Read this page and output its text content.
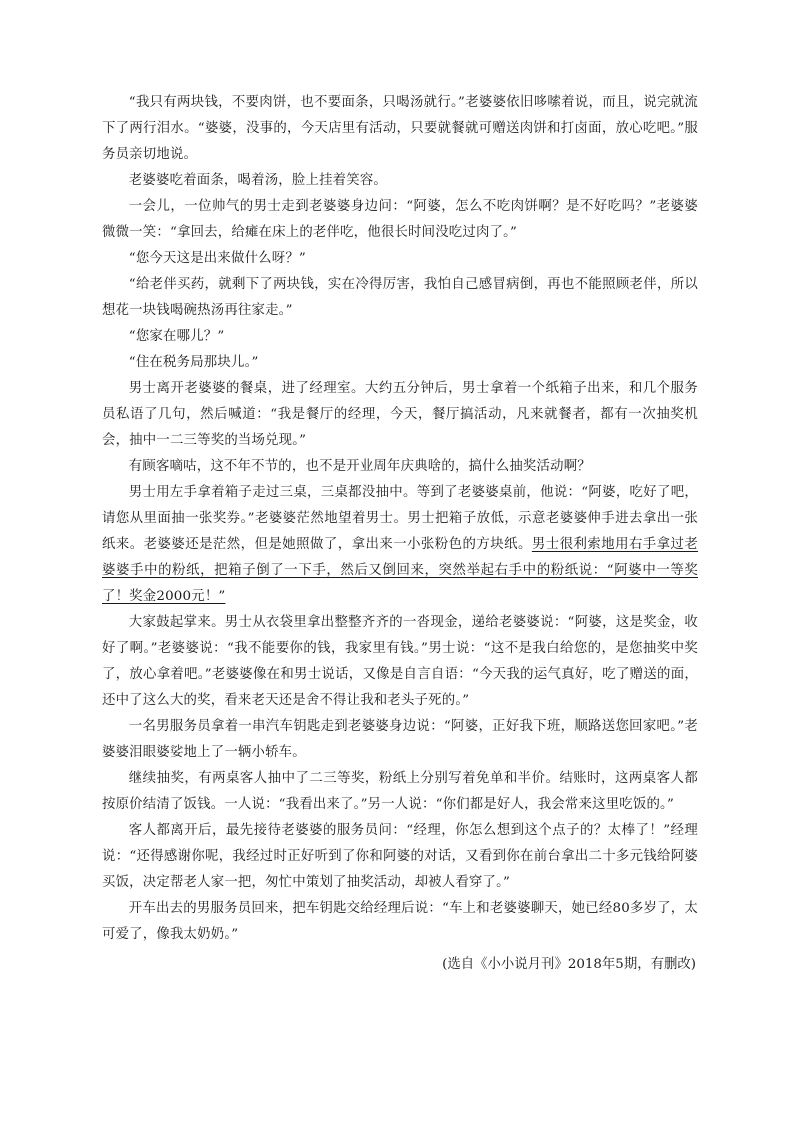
“我只有两块钱，不要肉饼，也不要面条，只喝汤就行。”老婆婆依旧哆嗦着说，而且，说完就流下了两行泪水。“婆婆，没事的，今天店里有活动，只要就餐就可赠送肉饼和打卤面，放心吃吧。”服务员亲切地说。

老婆婆吃着面条，喝着汤，脸上挂着笑容。

一会儿，一位帅气的男士走到老婆婆身边问：“阿婆，怎么不吃肉饼啊？是不好吃吗？”老婆婆微微一笑：“拿回去，给瘫在床上的老伴吃，他很长时间没吃过肉了。”

“您今天这是出来做什么呀？”

“给老伴买药，就剩下了两块钱，实在冷得厉害，我怕自己感冒病倒，再也不能照顾老伴，所以想花一块钱喝碗热汤再往家走。”

“您家在哪儿？”

“住在税务局那块儿。”

男士离开老婆婆的餐桌，进了经理室。大约五分钟后，男士拿着一个纸箱子出来，和几个服务员私语了几句，然后喊道：“我是餐厅的经理，今天，餐厅搞活动，凡来就餐者，都有一次抽奖机会，抽中一二三等奖的当场兑现。”

有顾客嘀咕，这不年不节的，也不是开业周年庆典啥的，搞什么抽奖活动啊？

男士用左手拿着箱子走过三桌，三桌都没抽中。等到了老婆婆桌前，他说：“阿婆，吃好了吧，请您从里面抽一张奖券。”老婆婆茫然地望着男士。男士把箱子放低，示意老婆婆伸手进去拿出一张纸来。老婆婆还是茫然，但是她照做了，拿出来一小张粉色的方块纸。男士很利索地用右手拿过老婆婆手中的粉纸，把箱子倒了一下手，然后又倒回来，突然举起右手中的粉纸说：“阿婆中一等奖了！奖金2000元！”

大家鼓起掌来。男士从衣袋里拿出整整齐齐的一沓现金，递给老婆婆说：“阿婆，这是奖金，收好了啊。”老婆婆说：“我不能要你的钱，我家里有钱。”男士说：“这不是我白给您的，是您抽奖中奖了，放心拿着吧。”老婆婆像在和男士说话，又像是自言自语：“今天我的运气真好，吃了赠送的面，还中了这么大的奖，看来老天还是舍不得让我和老头子死的。”

一名男服务员拿着一串汽车钥匙走到老婆婆身边说：“阿婆，正好我下班，顺路送您回家吧。”老婆婆泪眼婆娑地上了一辆小轿车。

继续抽奖，有两桌客人抽中了二三等奖，粉纸上分别写着免单和半价。结账时，这两桌客人都按原价结清了饭钱。一人说：“我看出来了。”另一人说：“你们都是好人，我会常来这里吃饭的。”

客人都离开后，最先接待老婆婆的服务员问：“经理，你怎么想到这个点子的？太棒了！”经理说：“还得感谢你呢，我经过时正好听到了你和阿婆的对话，又看到你在前台拿出二十多元钱给阿婆买饭，决定帮老人家一把，匆忙中策划了抽奖活动，却被人看穿了。”

开车出去的男服务员回来，把车钥匙交给经理后说：“车上和老婆婆聊天，她已经80多岁了，太可爱了，像我太奶奶。”

(选自《小小说月刊》2018年5期，有删改)
